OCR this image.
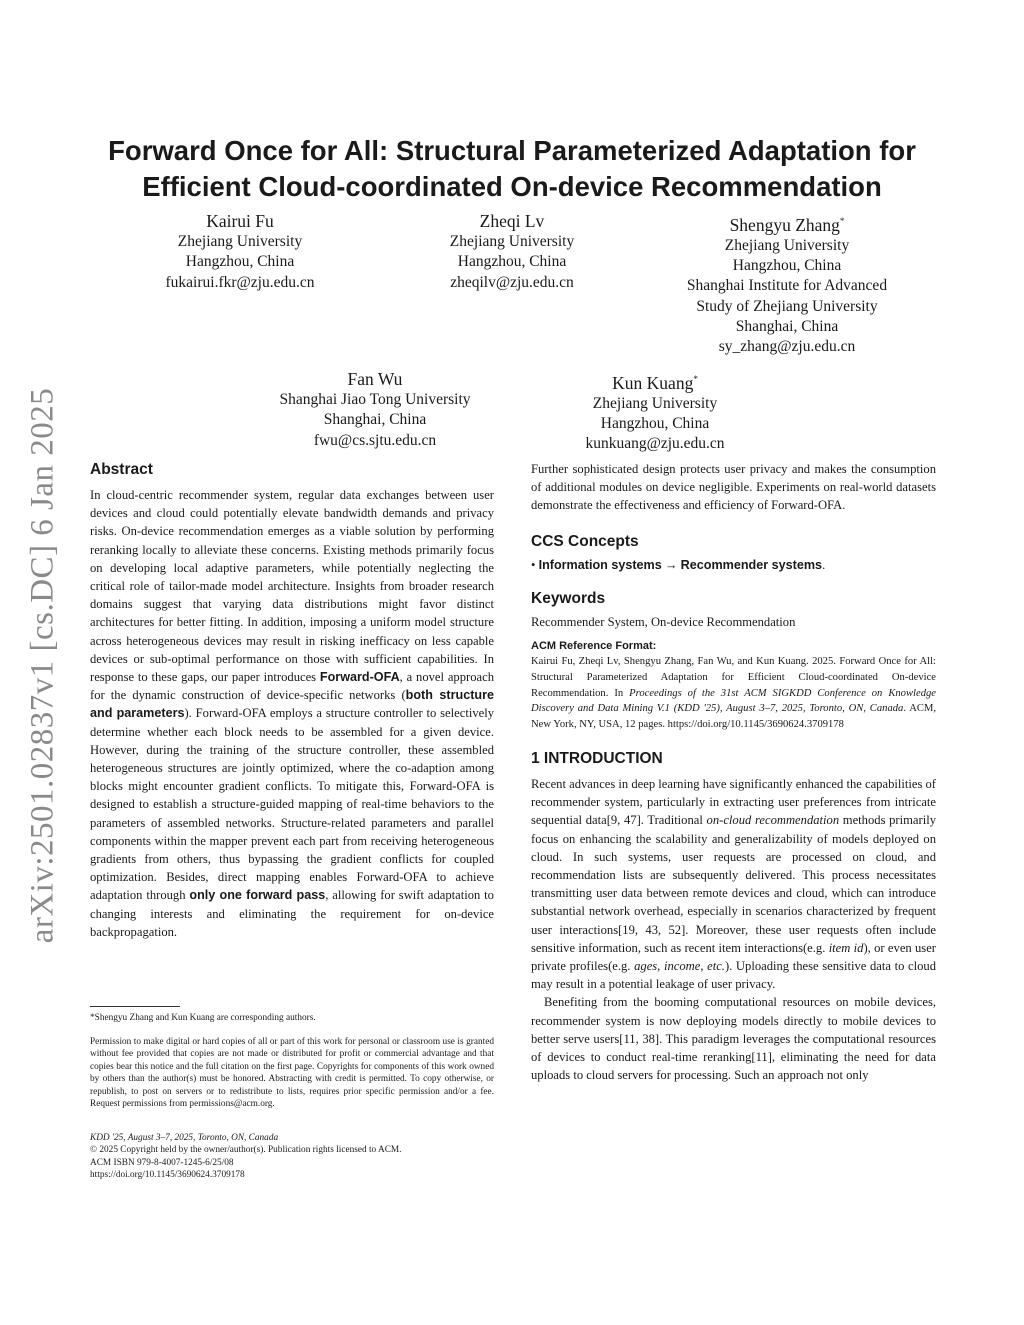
arXiv:2501.02837v1 [cs.DC] 6 Jan 2025
Forward Once for All: Structural Parameterized Adaptation for
Efficient Cloud-coordinated On-device Recommendation
Kairui Fu
Zhejiang University
Hangzhou, China
fukairui.fkr@zju.edu.cn
Zheqi Lv
Zhejiang University
Hangzhou, China
zheqilv@zju.edu.cn
Shengyu Zhang*
Zhejiang University
Hangzhou, China
Shanghai Institute for Advanced
Study of Zhejiang University
Shanghai, China
sy_zhang@zju.edu.cn
Fan Wu
Shanghai Jiao Tong University
Shanghai, China
fwu@cs.sjtu.edu.cn
Kun Kuang*
Zhejiang University
Hangzhou, China
kunkuang@zju.edu.cn
Abstract

In cloud-centric recommender system, regular data exchanges between user devices and cloud could potentially elevate bandwidth demands and privacy risks. On-device recommendation emerges as a viable solution by performing reranking locally to alleviate these concerns. Existing methods primarily focus on developing local adaptive parameters, while potentially neglecting the critical role of tailor-made model architecture. Insights from broader research domains suggest that varying data distributions might favor distinct architectures for better fitting. In addition, imposing a uniform model structure across heterogeneous devices may result in risking inefficacy on less capable devices or sub-optimal performance on those with sufficient capabilities. In response to these gaps, our paper introduces Forward-OFA, a novel approach for the dynamic construction of device-specific networks (both structure and parameters). Forward-OFA employs a structure controller to selectively determine whether each block needs to be assembled for a given device. However, during the training of the structure controller, these assembled heterogeneous structures are jointly optimized, where the co-adaption among blocks might encounter gradient conflicts. To mitigate this, Forward-OFA is designed to establish a structure-guided mapping of real-time behaviors to the parameters of assembled networks. Structure-related parameters and parallel components within the mapper prevent each part from receiving heterogeneous gradients from others, thus bypassing the gradient conflicts for coupled optimization. Besides, direct mapping enables Forward-OFA to achieve adaptation through only one forward pass, allowing for swift adaptation to changing interests and eliminating the requirement for on-device backpropagation.

*Shengyu Zhang and Kun Kuang are corresponding authors.
Permission to make digital or hard copies of all or part of this work for personal or classroom use is granted without fee provided that copies are not made or distributed for profit or commercial advantage and that copies bear this notice and the full citation on the first page. Copyrights for components of this work owned by others than the author(s) must be honored. Abstracting with credit is permitted. To copy otherwise, or republish, to post on servers or to redistribute to lists, requires prior specific permission and/or a fee. Request permissions from permissions@acm.org.
KDD '25, August 3–7, 2025, Toronto, ON, Canada
© 2025 Copyright held by the owner/author(s). Publication rights licensed to ACM.
ACM ISBN 979-8-4007-1245-6/25/08
https://doi.org/10.1145/3690624.3709178
Further sophisticated design protects user privacy and makes the consumption of additional modules on device negligible. Experiments on real-world datasets demonstrate the effectiveness and efficiency of Forward-OFA.
CCS Concepts
• Information systems → Recommender systems.
Keywords
Recommender System, On-device Recommendation
ACM Reference Format:
Kairui Fu, Zheqi Lv, Shengyu Zhang, Fan Wu, and Kun Kuang. 2025. Forward Once for All: Structural Parameterized Adaptation for Efficient Cloud-coordinated On-device Recommendation. In Proceedings of the 31st ACM SIGKDD Conference on Knowledge Discovery and Data Mining V.1 (KDD '25), August 3–7, 2025, Toronto, ON, Canada. ACM, New York, NY, USA, 12 pages. https://doi.org/10.1145/3690624.3709178
1 INTRODUCTION

Recent advances in deep learning have significantly enhanced the capabilities of recommender system, particularly in extracting user preferences from intricate sequential data[9, 47]. Traditional on-cloud recommendation methods primarily focus on enhancing the scalability and generalizability of models deployed on cloud. In such systems, user requests are processed on cloud, and recommendation lists are subsequently delivered. This process necessitates transmitting user data between remote devices and cloud, which can introduce substantial network overhead, especially in scenarios characterized by frequent user interactions[19, 43, 52]. Moreover, these user requests often include sensitive information, such as recent item interactions(e.g. item id), or even user private profiles(e.g. ages, income, etc.). Uploading these sensitive data to cloud may result in a potential leakage of user privacy.

Benefiting from the booming computational resources on mobile devices, recommender system is now deploying models directly to mobile devices to better serve users[11, 38]. This paradigm leverages the computational resources of devices to conduct real-time reranking[11], eliminating the need for data uploads to cloud servers for processing. Such an approach not only
